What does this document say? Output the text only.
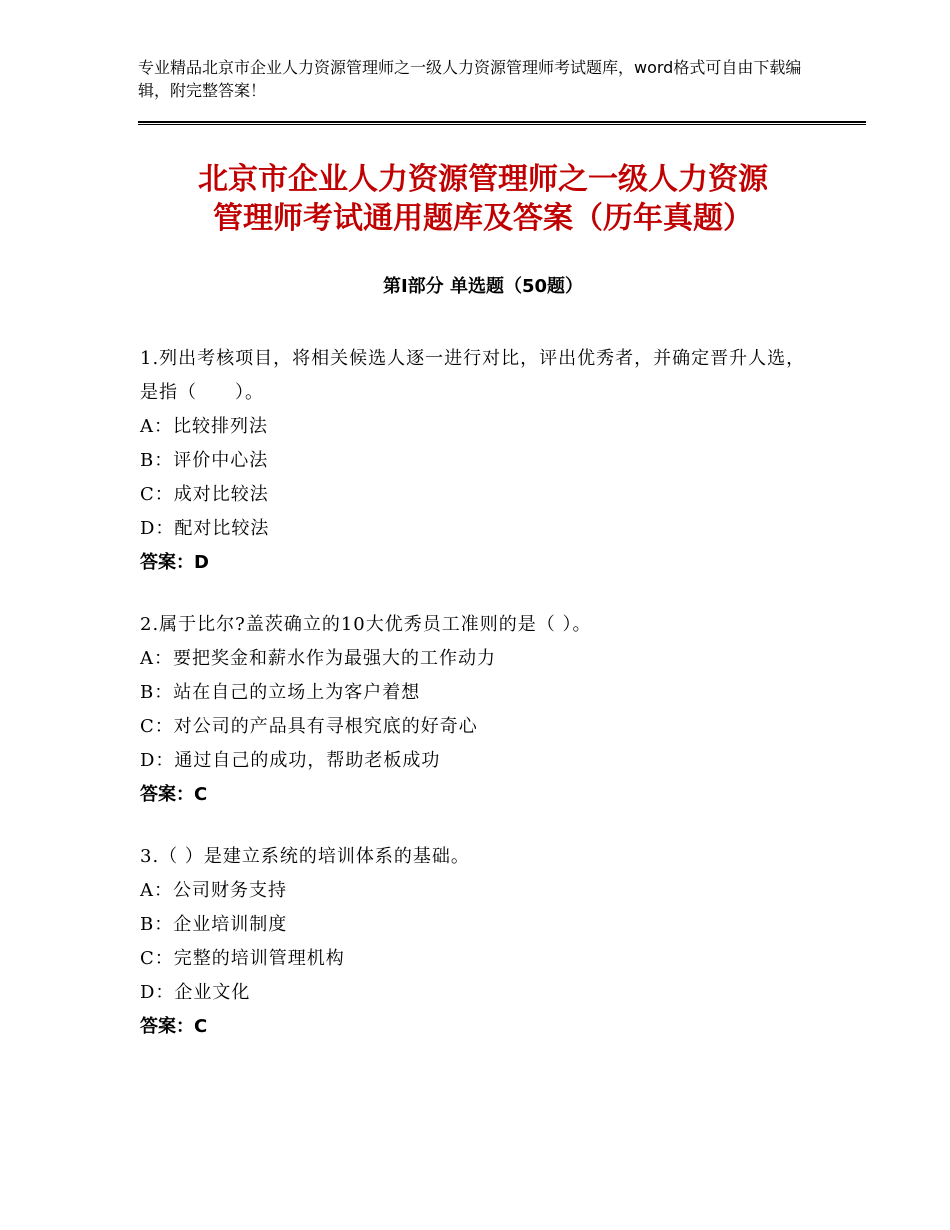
专业精品北京市企业人力资源管理师之一级人力资源管理师考试题库，word格式可自由下载编辑，附完整答案！
北京市企业人力资源管理师之一级人力资源
管理师考试通用题库及答案（历年真题）
第Ⅰ部分 单选题（50题）

1.列出考核项目，将相关候选人逐一进行对比，评出优秀者，并确定晋升人选，是指（　　）。

A：比较排列法

B：评价中心法

C：成对比较法

D：配对比较法

答案：D

2.属于比尔?盖茨确立的10大优秀员工准则的是（ ）。

A：要把奖金和薪水作为最强大的工作动力

B：站在自己的立场上为客户着想

C：对公司的产品具有寻根究底的好奇心

D：通过自己的成功，帮助老板成功

答案：C

3.（ ）是建立系统的培训体系的基础。

A：公司财务支持

B：企业培训制度

C：完整的培训管理机构

D：企业文化

答案：C
